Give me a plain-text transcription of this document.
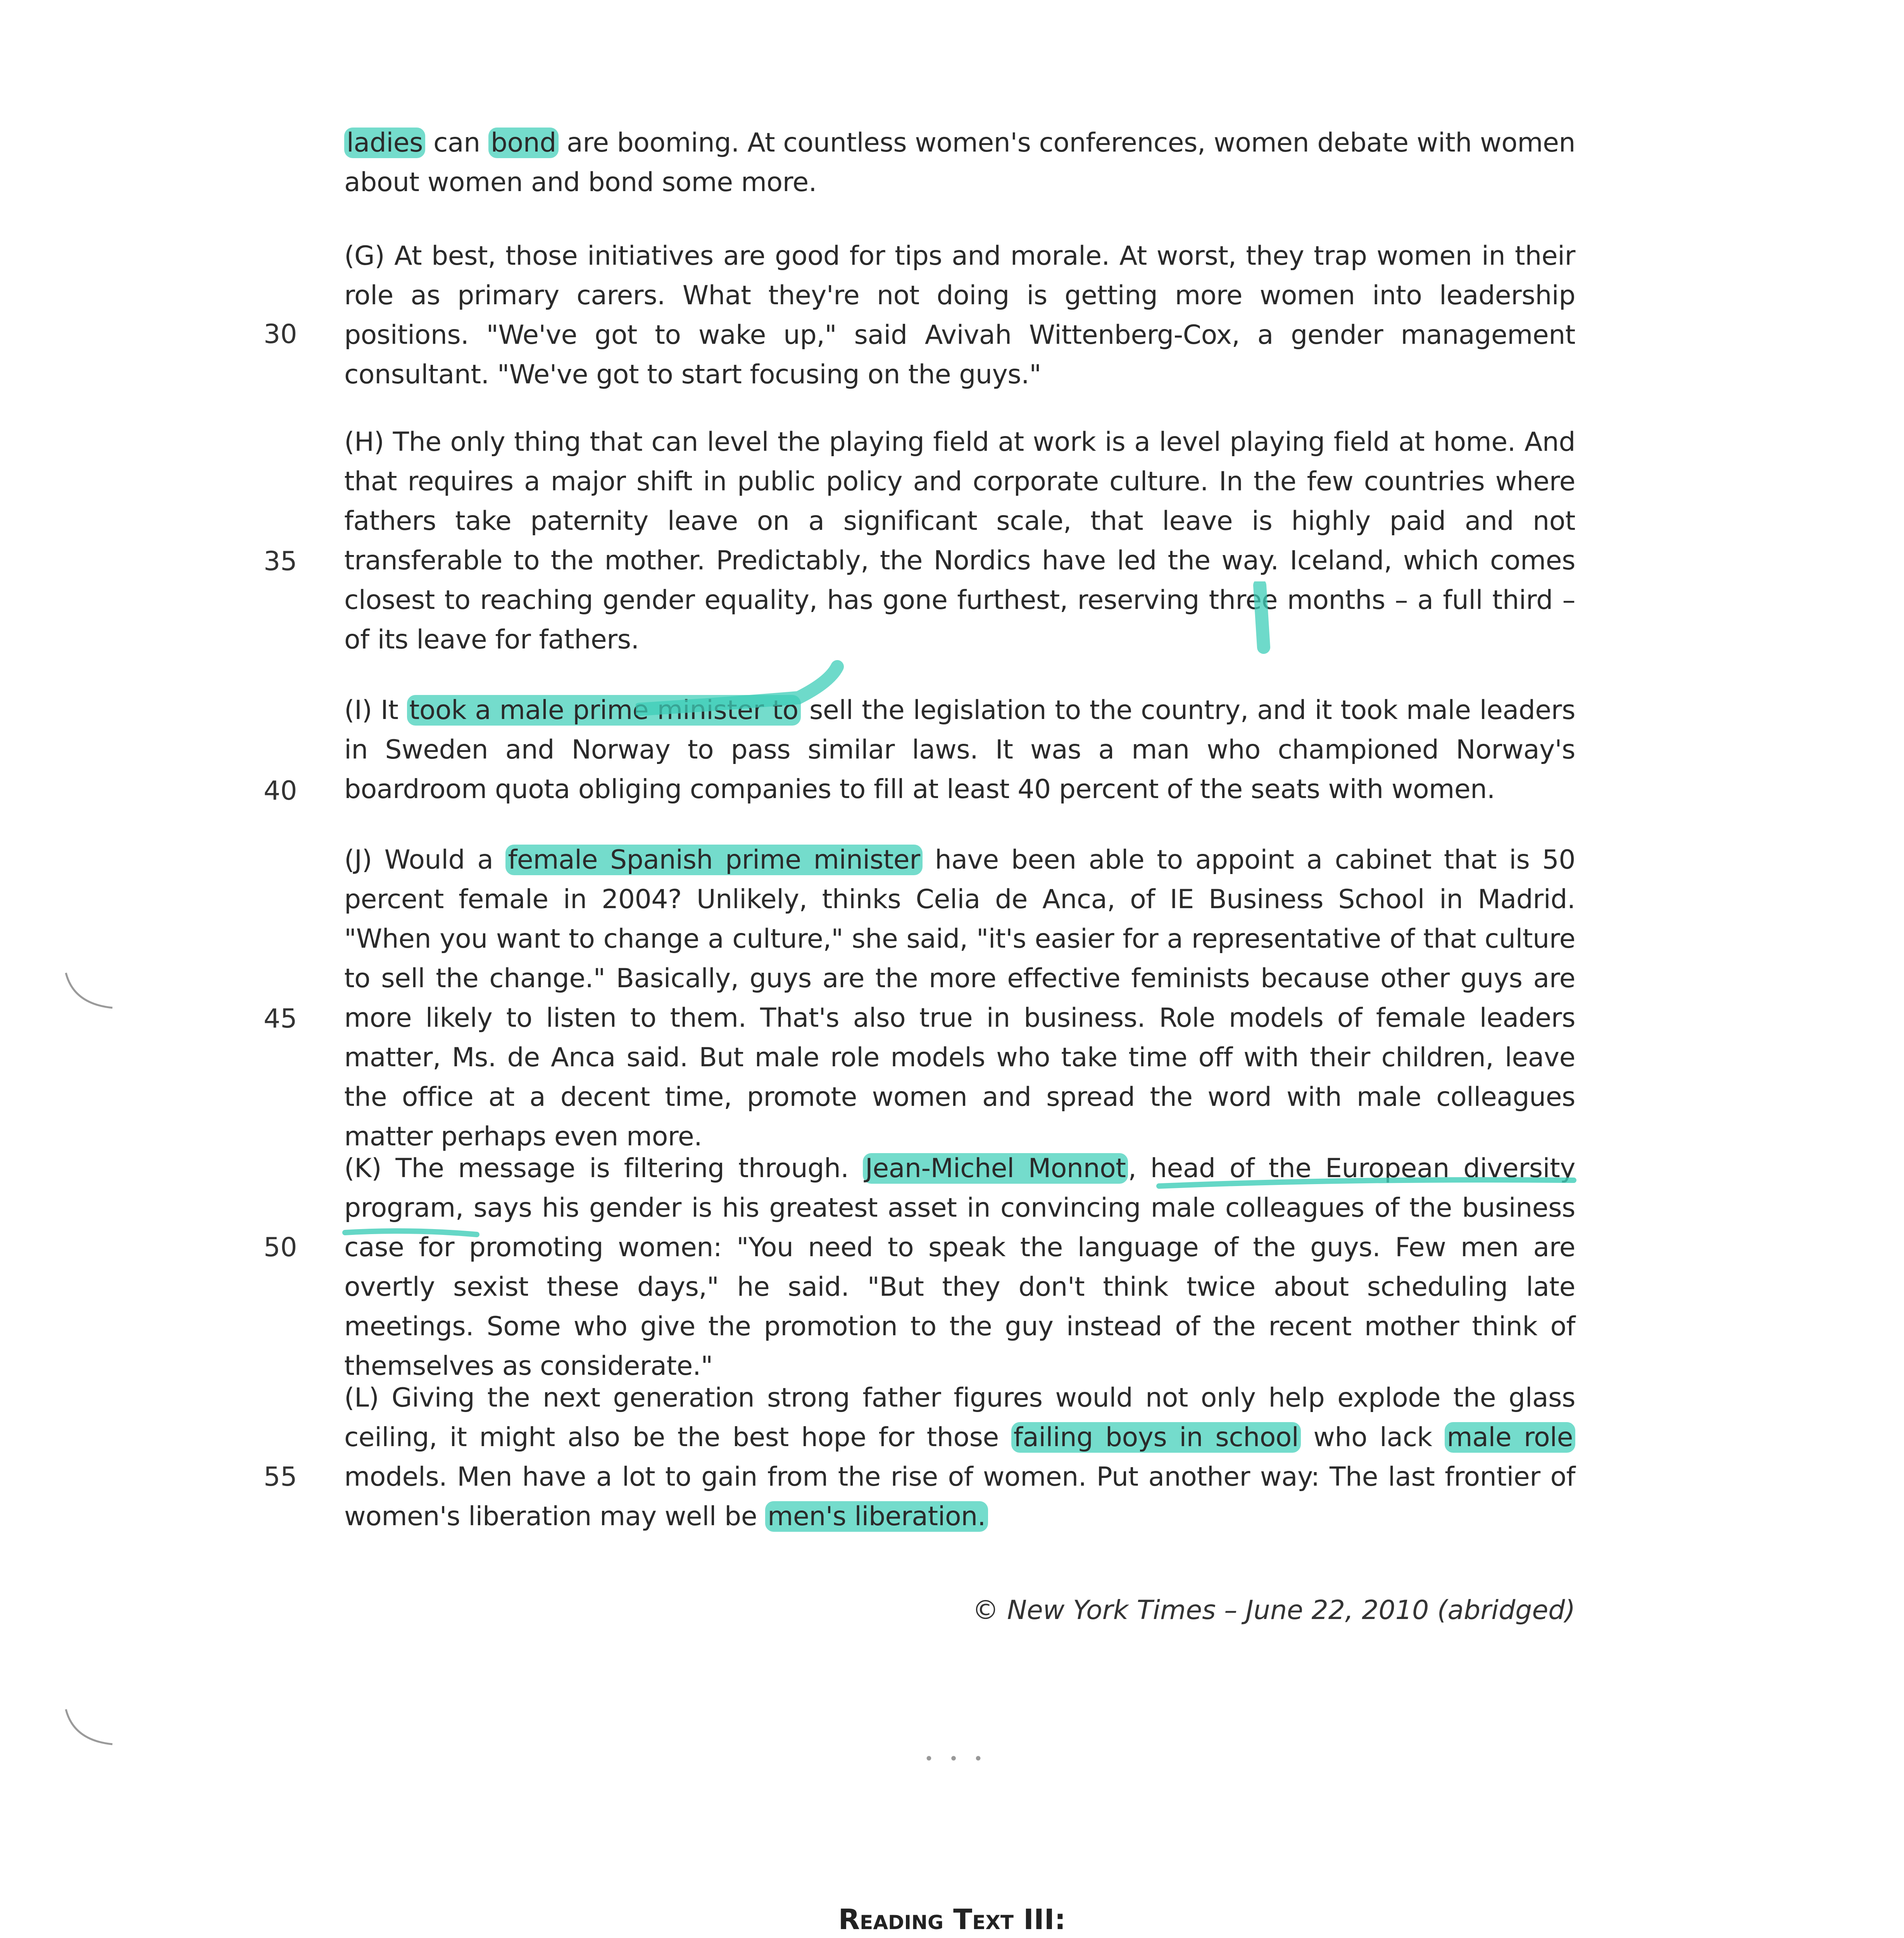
ladies can bond are booming. At countless women's conferences, women debate with women about women and bond some more.

(G) At best, those initiatives are good for tips and morale. At worst, they trap women in their role as primary carers. What they're not doing is getting more women into leadership positions. "We've got to wake up," said Avivah Wittenberg-Cox, a gender management consultant. "We've got to start focusing on the guys."

30

(H) The only thing that can level the playing field at work is a level playing field at home. And that requires a major shift in public policy and corporate culture. In the few countries where fathers take paternity leave on a significant scale, that leave is highly paid and not transferable to the mother. Predictably, the Nordics have led the way. Iceland, which comes closest to reaching gender equality, has gone furthest, reserving three months – a full third – of its leave for fathers.

35

(I) It took a male prime minister to sell the legislation to the country, and it took male leaders in Sweden and Norway to pass similar laws. It was a man who championed Norway's boardroom quota obliging companies to fill at least 40 percent of the seats with women.

40

(J) Would a female Spanish prime minister have been able to appoint a cabinet that is 50 percent female in 2004? Unlikely, thinks Celia de Anca, of IE Business School in Madrid. "When you want to change a culture," she said, "it's easier for a representative of that culture to sell the change." Basically, guys are the more effective feminists because other guys are more likely to listen to them. That's also true in business. Role models of female leaders matter, Ms. de Anca said. But male role models who take time off with their children, leave the office at a decent time, promote women and spread the word with male colleagues matter perhaps even more.

45

(K) The message is filtering through. Jean-Michel Monnot, head of the European diversity program, says his gender is his greatest asset in convincing male colleagues of the business case for promoting women: "You need to speak the language of the guys. Few men are overtly sexist these days," he said. "But they don't think twice about scheduling late meetings. Some who give the promotion to the guy instead of the recent mother think of themselves as considerate."

50

(L) Giving the next generation strong father figures would not only help explode the glass ceiling, it might also be the best hope for those failing boys in school who lack male role models. Men have a lot to gain from the rise of women. Put another way: The last frontier of women's liberation may well be men's liberation.

55
© New York Times – June 22, 2010 (abridged)
•••
Reading Text III:
